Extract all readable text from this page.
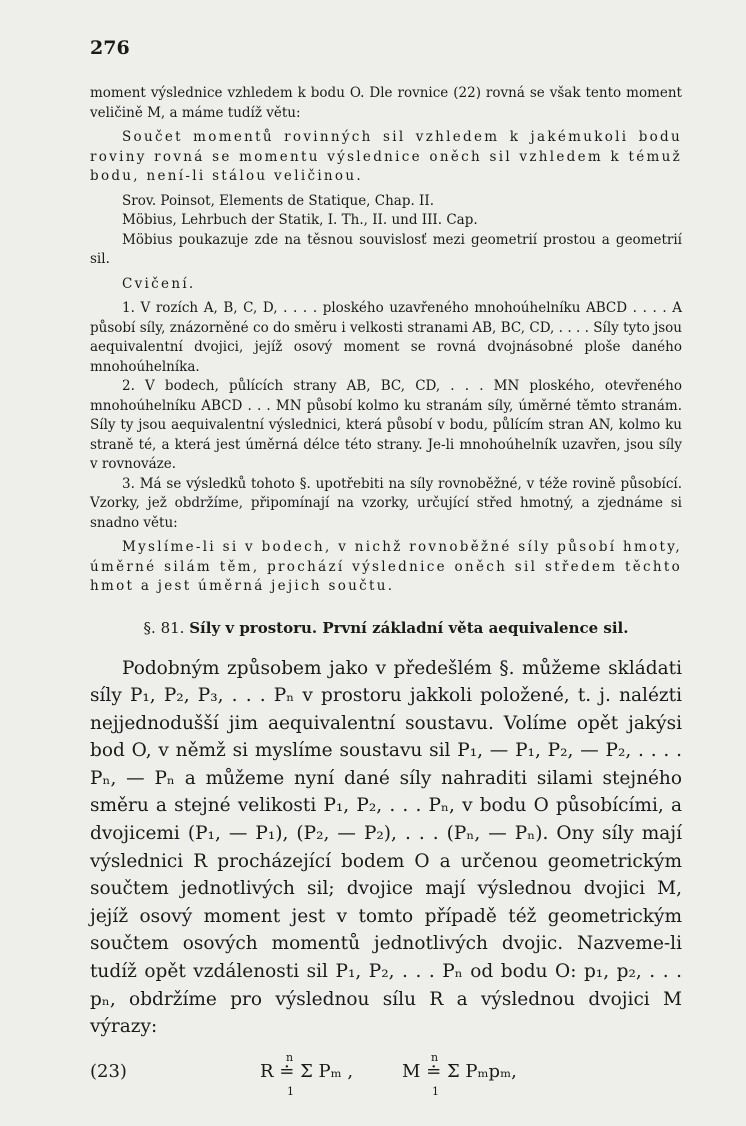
276

moment výslednice vzhledem k bodu O. Dle rovnice (22) rovná se však tento moment veličině M, a máme tudíž větu:

Součet momentů rovinných sil vzhledem k jakémukoli bodu roviny rovná se momentu výslednice oněch sil vzhledem k témuž bodu, není-li stálou veličinou.

Srov. Poinsot, Elements de Statique, Chap. II.

Möbius, Lehrbuch der Statik, I. Th., II. und III. Cap.

Möbius poukazuje zde na těsnou souvislosť mezi geometrií prostou a geometrií sil.

Cvičení.

1. V rozích A, B, C, D, . . . . ploského uzavřeného mnohoúhelníku ABCD . . . . A působí síly, znázorněné co do směru i velkosti stranami AB, BC, CD, . . . . Síly tyto jsou aequivalentní dvojici, jejíž osový moment se rovná dvojnásobné ploše daného mnohoúhelníka.

2. V bodech, půlících strany AB, BC, CD, . . . MN ploského, otevřeného mnohoúhelníku ABCD . . . MN působí kolmo ku stranám síly, úměrné těmto stranám. Síly ty jsou aequivalentní výslednici, která působí v bodu, půlícím stran AN, kolmo ku straně té, a která jest úměrná délce této strany. Je-li mnohoúhelník uzavřen, jsou síly v rovnováze.

3. Má se výsledků tohoto §. upotřebiti na síly rovnoběžné, v téže rovině působící. Vzorky, jež obdržíme, připomínají na vzorky, určující střed hmotný, a zjednáme si snadno větu:

Myslíme-li si v bodech, v nichž rovnoběžné síly působí hmoty, úměrné silám těm, prochází výslednice oněch sil středem těchto hmot a jest úměrná jejich součtu.

§. 81. Síly v prostoru. První základní věta aequivalence sil.

Podobným způsobem jako v předešlém §. můžeme skládati síly P₁, P₂, P₃, . . . Pₙ v prostoru jakkoli položené, t. j. nalézti nejjednodušší jim aequivalentní soustavu. Volíme opět jakýsi bod O, v němž si myslíme soustavu sil P₁, — P₁, P₂, — P₂, . . . . Pₙ, — Pₙ a můžeme nyní dané síly nahraditi silami stejného směru a stejné velikosti P₁, P₂, . . . Pₙ, v bodu O působícími, a dvojicemi (P₁, — P₁), (P₂, — P₂), . . . (Pₙ, — Pₙ). Ony síly mají výslednici R procházející bodem O a určenou geometrickým součtem jednotlivých sil; dvojice mají výslednou dvojici M, jejíž osový moment jest v tomto případě též geometrickým součtem osových momentů jednotlivých dvojic. Nazveme-li tudíž opět vzdálenosti sil P₁, P₂, . . . Pₙ od bodu O: p₁, p₂, . . . pₙ, obdržíme pro výslednou sílu R a výslednou dvojici M výrazy:

(23)	R ≐ Σ Pₘ ,
n
1
M ≐ Σ Pₘpₘ,
n
1
